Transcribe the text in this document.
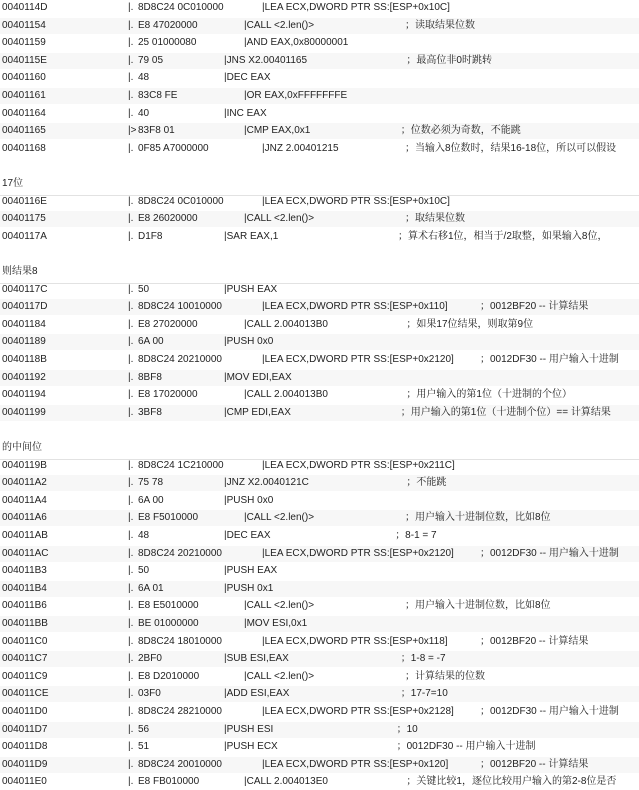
0040114D	|. 8D8C24 0C010000	|LEA ECX,DWORD PTR SS:[ESP+0x10C]
00401154	|. E8 47020000	|CALL <2.len()>	；读取结果位数
00401159	|. 25 01000080	|AND EAX,0x80000001
0040115E	|. 79 05	|JNS X2.00401165	；最高位非0时跳转
00401160	|. 48	|DEC EAX
00401161	|. 83C8 FE	|OR EAX,0xFFFFFFFE
00401164	|. 40	|INC EAX
00401165	|> 83F8 01	|CMP EAX,0x1	；位数必须为奇数，不能跳
00401168	|. 0F85 A7000000	|JNZ 2.00401215	；当输入8位数时，结果16-18位，所以可以假设
17位
0040116E	|. 8D8C24 0C010000	|LEA ECX,DWORD PTR SS:[ESP+0x10C]
00401175	|. E8 26020000	|CALL <2.len()>	；取结果位数
0040117A	|. D1F8	|SAR EAX,1	；算术右移1位，相当于/2取整，如果输入8位，
则结果8
0040117C	|. 50	|PUSH EAX
0040117D	|. 8D8C24 10010000	|LEA ECX,DWORD PTR SS:[ESP+0x110]	；0012BF20 -- 计算结果
00401184	|. E8 27020000	|CALL 2.004013B0	；如果17位结果，则取第9位
00401189	|. 6A 00	|PUSH 0x0
0040118B	|. 8D8C24 20210000	|LEA ECX,DWORD PTR SS:[ESP+0x2120]	；0012DF30 -- 用户输入十进制
00401192	|. 8BF8	|MOV EDI,EAX
00401194	|. E8 17020000	|CALL 2.004013B0	；用户输入的第1位（十进制的个位）
00401199	|. 3BF8	|CMP EDI,EAX	；用户输入的第1位（十进制个位）== 计算结果
的中间位
0040119B	|. 8D8C24 1C210000	|LEA ECX,DWORD PTR SS:[ESP+0x211C]
004011A2	|. 75 78	|JNZ X2.0040121C	；不能跳
004011A4	|. 6A 00	|PUSH 0x0
004011A6	|. E8 F5010000	|CALL <2.len()>	；用户输入十进制位数，比如8位
004011AB	|. 48	|DEC EAX	；8-1 = 7
004011AC	|. 8D8C24 20210000	|LEA ECX,DWORD PTR SS:[ESP+0x2120]	；0012DF30 -- 用户输入十进制
004011B3	|. 50	|PUSH EAX
004011B4	|. 6A 01	|PUSH 0x1
004011B6	|. E8 E5010000	|CALL <2.len()>	；用户输入十进制位数，比如8位
004011BB	|. BE 01000000	|MOV ESI,0x1
004011C0	|. 8D8C24 18010000	|LEA ECX,DWORD PTR SS:[ESP+0x118]	；0012BF20 -- 计算结果
004011C7	|. 2BF0	|SUB ESI,EAX	；1-8 = -7
004011C9	|. E8 D2010000	|CALL <2.len()>	；计算结果的位数
004011CE	|. 03F0	|ADD ESI,EAX	；17-7=10
004011D0	|. 8D8C24 28210000	|LEA ECX,DWORD PTR SS:[ESP+0x2128]	；0012DF30 -- 用户输入十进制
004011D7	|. 56	|PUSH ESI	；10
004011D8	|. 51	|PUSH ECX	；0012DF30 -- 用户输入十进制
004011D9	|. 8D8C24 20010000	|LEA ECX,DWORD PTR SS:[ESP+0x120]	；0012BF20 -- 计算结果
004011E0	|. E8 FB010000	|CALL 2.004013E0	；关键比较1，逐位比较用户输入的第2-8位是否
